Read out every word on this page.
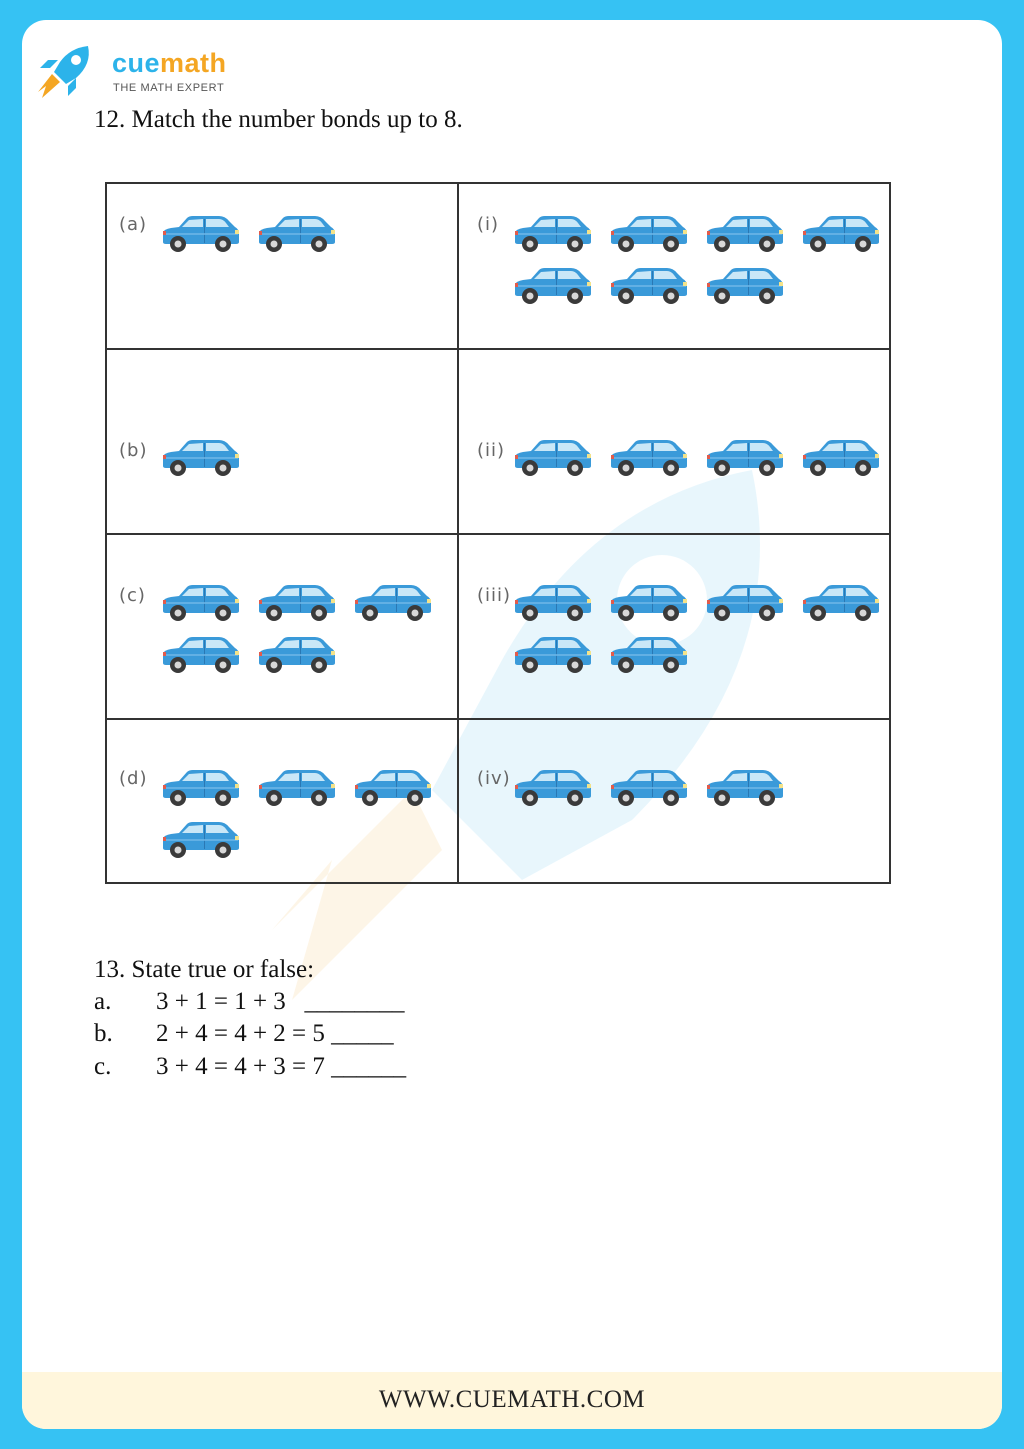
cuemath
THE MATH EXPERT
12. Match the number bonds up to 8.
(a)	(i)

(b)	(ii)

(c)	(iii)

(d)	(iv)
13. State true or false:
a. 3 + 1 = 1 + 3   ________
b. 2 + 4 = 4 + 2 = 5 _____
c. 3 + 4 = 4 + 3 = 7 ______
WWW.CUEMATH.COM
